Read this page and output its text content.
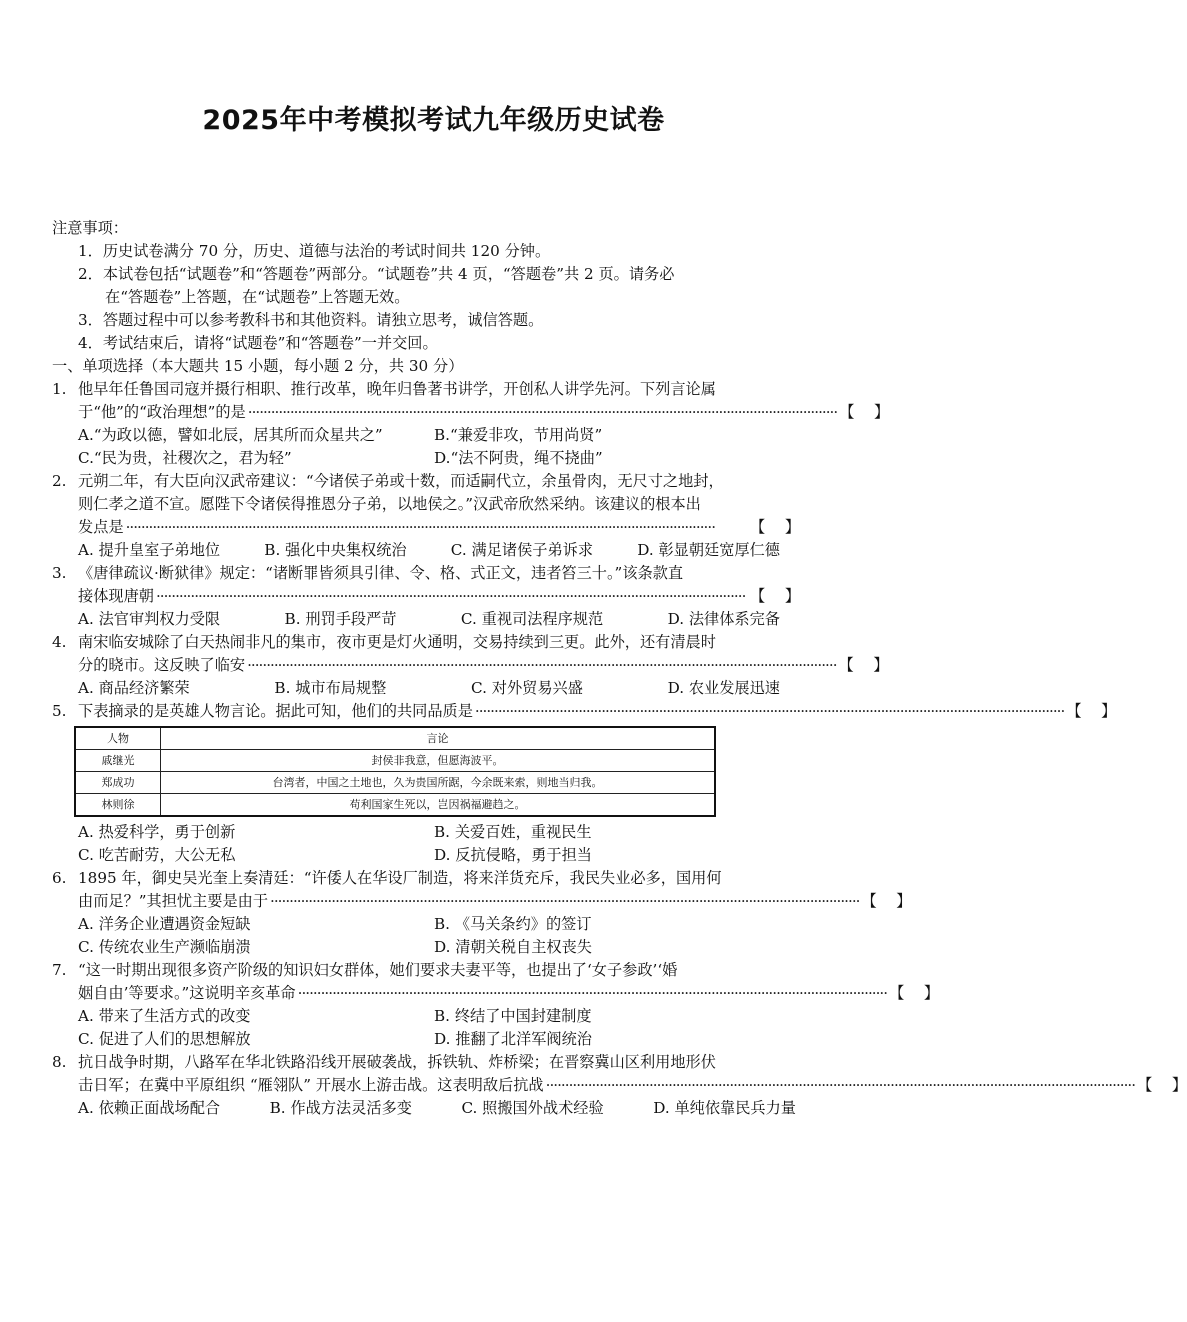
2025年中考模拟考试九年级历史试卷
注意事项：
1．历史试卷满分 70 分，历史、道德与法治的考试时间共 120 分钟。
2．本试卷包括“试题卷”和“答题卷”两部分。“试题卷”共 4 页，“答题卷”共 2 页。请务必
在“答题卷”上答题，在“试题卷”上答题无效。
3．答题过程中可以参考教科书和其他资料。请独立思考，诚信答题。
4．考试结束后，请将“试题卷”和“答题卷”一并交回。
一、单项选择（本大题共 15 小题，每小题 2 分，共 30 分）
1. 他早年任鲁国司寇并摄行相职、推行改革，晚年归鲁著书讲学，开创私人讲学先河。下列言论属
于“他”的“政治理想”的是 ·························································································································································· 【 】
A.“为政以德，譬如北辰，居其所而众星共之”	B.“兼爱非攻，节用尚贤”
C.“民为贵，社稷次之，君为轻”	D.“法不阿贵，绳不挠曲”
2. 元朔二年，有大臣向汉武帝建议：“今诸侯子弟或十数，而适嗣代立，余虽骨肉，无尺寸之地封，
则仁孝之道不宣。愿陛下令诸侯得推恩分子弟，以地侯之。”汉武帝欣然采纳。该建议的根本出
发点是 ··························································································································································	【 】
A. 提升皇室子弟地位	B. 强化中央集权统治	C. 满足诸侯子弟诉求	D. 彰显朝廷宽厚仁德
3. 《唐律疏议·断狱律》规定：“诸断罪皆须具引律、令、格、式正文，违者笞三十。”该条款直
接体现唐朝 ·························································································································································· 【 】
A. 法官审判权力受限	B. 刑罚手段严苛	C. 重视司法程序规范	D. 法律体系完备
4. 南宋临安城除了白天热闹非凡的集市，夜市更是灯火通明，交易持续到三更。此外，还有清晨时
分的晓市。这反映了临安 ·························································································································································· 【 】
A. 商品经济繁荣	B. 城市布局规整	C. 对外贸易兴盛	D. 农业发展迅速
5. 下表摘录的是英雄人物言论。据此可知，他们的共同品质是 ·························································································································································· 【 】
人物	言论
戚继光	封侯非我意，但愿海波平。
郑成功	台湾者，中国之土地也，久为贵国所踞，今余既来索，则地当归我。
林则徐	苟利国家生死以，岂因祸福避趋之。
A. 热爱科学，勇于创新	B. 关爱百姓，重视民生
C. 吃苦耐劳，大公无私	D. 反抗侵略，勇于担当
6. 1895 年，御史吴光奎上奏清廷：“许倭人在华设厂制造，将来洋货充斥，我民失业必多，国用何
由而足？”其担忧主要是由于 ·························································································································································· 【 】
A. 洋务企业遭遇资金短缺	B. 《马关条约》的签订
C. 传统农业生产濒临崩溃	D. 清朝关税自主权丧失
7. “这一时期出现很多资产阶级的知识妇女群体，她们要求夫妻平等，也提出了‘女子参政’‘婚
姻自由’等要求。”这说明辛亥革命 ·························································································································································· 【 】
A. 带来了生活方式的改变	B. 终结了中国封建制度
C. 促进了人们的思想解放	D. 推翻了北洋军阀统治
8. 抗日战争时期，八路军在华北铁路沿线开展破袭战，拆铁轨、炸桥梁；在晋察冀山区利用地形伏
击日军；在冀中平原组织 “雁翎队” 开展水上游击战。这表明敌后抗战 ·························································································································································· 【 】
A. 依赖正面战场配合	B. 作战方法灵活多变	C. 照搬国外战术经验	D. 单纯依靠民兵力量
